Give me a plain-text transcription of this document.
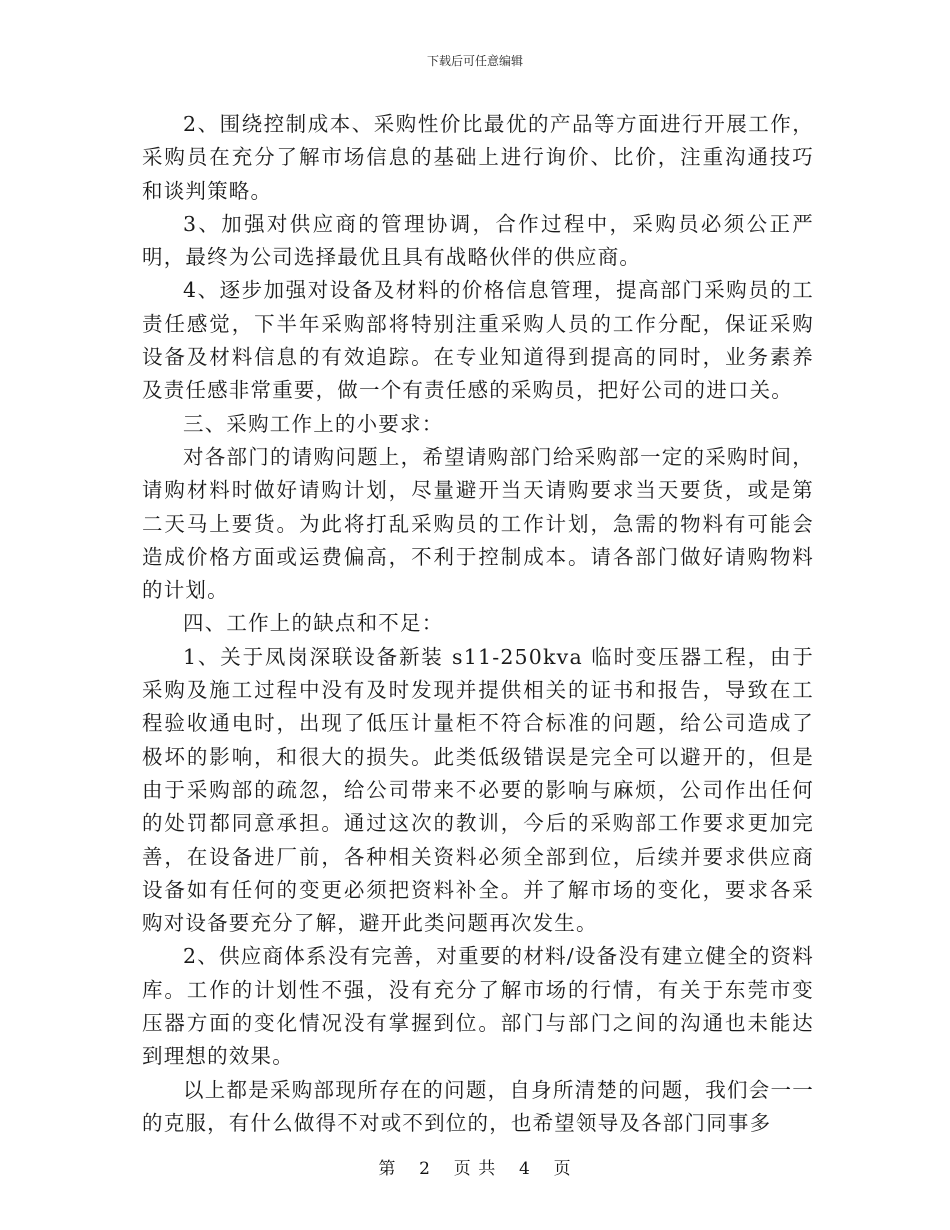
下载后可任意编辑

2、围绕控制成本、采购性价比最优的产品等方面进行开展工作，采购员在充分了解市场信息的基础上进行询价、比价，注重沟通技巧和谈判策略。

3、加强对供应商的管理协调，合作过程中，采购员必须公正严明，最终为公司选择最优且具有战略伙伴的供应商。

4、逐步加强对设备及材料的价格信息管理，提高部门采购员的工责任感觉，下半年采购部将特别注重采购人员的工作分配，保证采购设备及材料信息的有效追踪。在专业知道得到提高的同时，业务素养及责任感非常重要，做一个有责任感的采购员，把好公司的进口关。

三、采购工作上的小要求：

对各部门的请购问题上，希望请购部门给采购部一定的采购时间，请购材料时做好请购计划，尽量避开当天请购要求当天要货，或是第二天马上要货。为此将打乱采购员的工作计划，急需的物料有可能会造成价格方面或运费偏高，不利于控制成本。请各部门做好请购物料的计划。

四、工作上的缺点和不足：

1、关于凤岗深联设备新装 s11-250kva 临时变压器工程，由于采购及施工过程中没有及时发现并提供相关的证书和报告，导致在工程验收通电时，出现了低压计量柜不符合标准的问题，给公司造成了极坏的影响，和很大的损失。此类低级错误是完全可以避开的，但是由于采购部的疏忽，给公司带来不必要的影响与麻烦，公司作出任何的处罚都同意承担。通过这次的教训，今后的采购部工作要求更加完善，在设备进厂前，各种相关资料必须全部到位，后续并要求供应商设备如有任何的变更必须把资料补全。并了解市场的变化，要求各采购对设备要充分了解，避开此类问题再次发生。

2、供应商体系没有完善，对重要的材料/设备没有建立健全的资料库。工作的计划性不强，没有充分了解市场的行情，有关于东莞市变压器方面的变化情况没有掌握到位。部门与部门之间的沟通也未能达到理想的效果。

以上都是采购部现所存在的问题，自身所清楚的问题，我们会一一的克服，有什么做得不对或不到位的，也希望领导及各部门同事多

第 2 页 共 4 页
